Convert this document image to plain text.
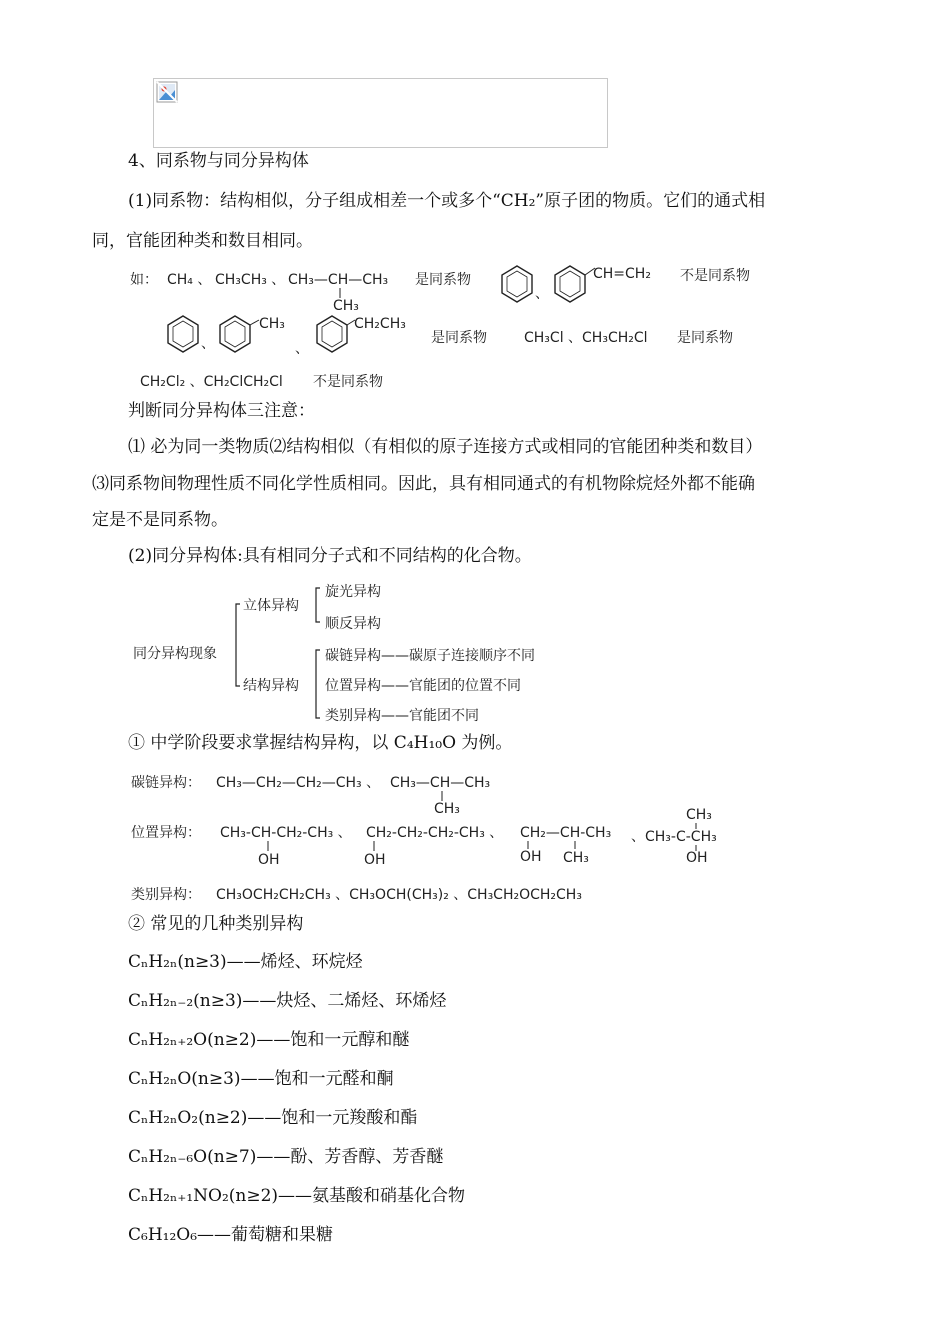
4、同系物与同分异构体
(1)同系物：结构相似，分子组成相差一个或多个“CH₂”原子团的物质。它们的通式相
同，官能团种类和数目相同。
如： CH₄ 、 CH₃CH₃ 、 CH₃—CH—CH₃
CH₃
是同系物
、
CH=CH₂ 不是同系物
、
CH₃
、
CH₂CH₃
是同系物	CH₃Cl 、CH₃CH₂Cl 是同系物
CH₂Cl₂ 、CH₂ClCH₂Cl 不是同系物
判断同分异构体三注意：
⑴ 必为同一类物质⑵结构相似（有相似的原子连接方式或相同的官能团种类和数目）
⑶同系物间物理性质不同化学性质相同。因此，具有相同通式的有机物除烷烃外都不能确
定是不是同系物。
(2)同分异构体:具有相同分子式和不同结构的化合物。
同分异构现象
立体异构
旋光异构
顺反异构
结构异构
碳链异构——碳原子连接顺序不同
位置异构——官能团的位置不同
类别异构——官能团不同
① 中学阶段要求掌握结构异构，以 C₄H₁₀O 为例。
碳链异构： CH₃—CH₂—CH₂—CH₃ 、 CH₃—CH—CH₃
CH₃
位置异构： CH₃-CH-CH₂-CH₃ 、
OH
CH₂-CH₂-CH₂-CH₃ 、
OH
CH₂—CH-CH₃
OH CH₃
、CH₃-C-CH₃
CH₃
OH
类别异构： CH₃OCH₂CH₂CH₃ 、CH₃OCH(CH₃)₂ 、CH₃CH₂OCH₂CH₃
② 常见的几种类别异构
CₙH₂ₙ(n≥3)——烯烃、环烷烃
CₙH₂ₙ₋₂(n≥3)——炔烃、二烯烃、环烯烃
CₙH₂ₙ₊₂O(n≥2)——饱和一元醇和醚
CₙH₂ₙO(n≥3)——饱和一元醛和酮
CₙH₂ₙO₂(n≥2)——饱和一元羧酸和酯
CₙH₂ₙ₋₆O(n≥7)——酚、芳香醇、芳香醚
CₙH₂ₙ₊₁NO₂(n≥2)——氨基酸和硝基化合物
C₆H₁₂O₆——葡萄糖和果糖
